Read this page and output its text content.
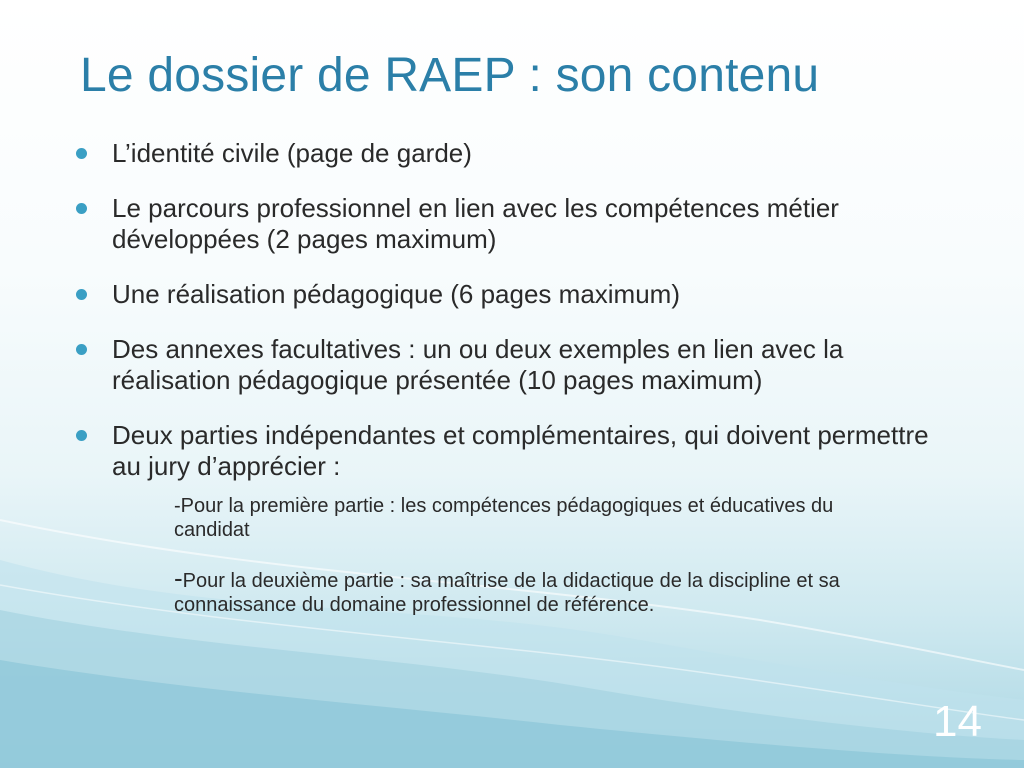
Le dossier de RAEP : son contenu
L’identité civile (page de garde)
Le parcours professionnel en lien avec les compétences métier développées (2 pages maximum)
Une réalisation pédagogique (6 pages maximum)
Des annexes facultatives : un ou deux exemples en lien avec la réalisation pédagogique présentée (10 pages maximum)
Deux parties indépendantes et complémentaires, qui doivent permettre au jury d’apprécier :
-Pour la première partie : les compétences pédagogiques et éducatives du candidat
-Pour la deuxième partie : sa maîtrise de la didactique de la discipline et sa connaissance du domaine professionnel de référence.
14
